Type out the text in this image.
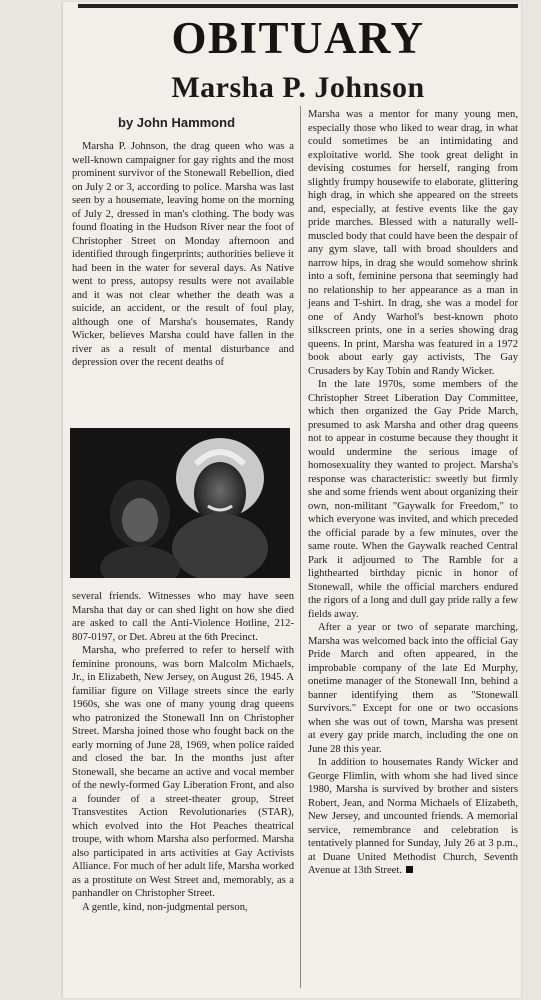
OBITUARY
Marsha P. Johnson
by John Hammond

Marsha P. Johnson, the drag queen who was a well-known campaigner for gay rights and the most prominent survivor of the Stonewall Rebellion, died on July 2 or 3, according to police. Marsha was last seen by a housemate, leaving home on the morning of July 2, dressed in man's clothing. The body was found floating in the Hudson River near the foot of Christopher Street on Monday afternoon and identified through fingerprints; authorities believe it had been in the water for several days. As Native went to press, autopsy results were not available and it was not clear whether the death was a suicide, an accident, or the result of foul play, although one of Marsha's housemates, Randy Wicker, believes Marsha could have fallen in the river as a result of mental disturbance and depression over the recent deaths of

several friends. Witnesses who may have seen Marsha that day or can shed light on how she died are asked to call the Anti-Violence Hotline, 212-807-0197, or Det. Abreu at the 6th Precinct.

Marsha, who preferred to refer to herself with feminine pronouns, was born Malcolm Michaels, Jr., in Elizabeth, New Jersey, on August 26, 1945. A familiar figure on Village streets since the early 1960s, she was one of many young drag queens who patronized the Stonewall Inn on Christopher Street. Marsha joined those who fought back on the early morning of June 28, 1969, when police raided and closed the bar. In the months just after Stonewall, she became an active and vocal member of the newly-formed Gay Liberation Front, and also a founder of a street-theater group, Street Transvestites Action Revolutionaries (STAR), which evolved into the Hot Peaches theatrical troupe, with whom Marsha also performed. Marsha also participated in arts activities at Gay Activists Alliance. For much of her adult life, Marsha worked as a prostitute on West Street and, memorably, as a panhandler on Christopher Street.

A gentle, kind, non-judgmental person,

Marsha was a mentor for many young men, especially those who liked to wear drag, in what could sometimes be an intimidating and exploitative world. She took great delight in devising costumes for herself, ranging from slightly frumpy housewife to elaborate, glittering high drag, in which she appeared on the streets and, especially, at festive events like the gay pride marches. Blessed with a naturally well-muscled body that could have been the despair of any gym slave, tall with broad shoulders and narrow hips, in drag she would somehow shrink into a soft, feminine persona that seemingly had no relationship to her appearance as a man in jeans and T-shirt. In drag, she was a model for one of Andy Warhol's best-known photo silkscreen prints, one in a series showing drag queens. In print, Marsha was featured in a 1972 book about early gay activists, The Gay Crusaders by Kay Tobin and Randy Wicker.

In the late 1970s, some members of the Christopher Street Liberation Day Committee, which then organized the Gay Pride March, presumed to ask Marsha and other drag queens not to appear in costume because they thought it would undermine the serious image of homosexuality they wanted to project. Marsha's response was characteristic: sweetly but firmly she and some friends went about organizing their own, non-militant "Gaywalk for Freedom," to which everyone was invited, and which preceded the official parade by a few minutes, over the same route. When the Gaywalk reached Central Park it adjourned to The Ramble for a lighthearted birthday picnic in honor of Stonewall, while the official marchers endured the rigors of a long and dull gay pride rally a few fields away.

After a year or two of separate marching, Marsha was welcomed back into the official Gay Pride March and often appeared, in the improbable company of the late Ed Murphy, onetime manager of the Stonewall Inn, behind a banner identifying them as "Stonewall Survivors." Except for one or two occasions when she was out of town, Marsha was present at every gay pride march, including the one on June 28 this year.

In addition to housemates Randy Wicker and George Flimlin, with whom she had lived since 1980, Marsha is survived by brother and sisters Robert, Jean, and Norma Michaels of Elizabeth, New Jersey, and uncounted friends. A memorial service, remembrance and celebration is tentatively planned for Sunday, July 26 at 3 p.m., at Duane United Methodist Church, Seventh Avenue at 13th Street.
